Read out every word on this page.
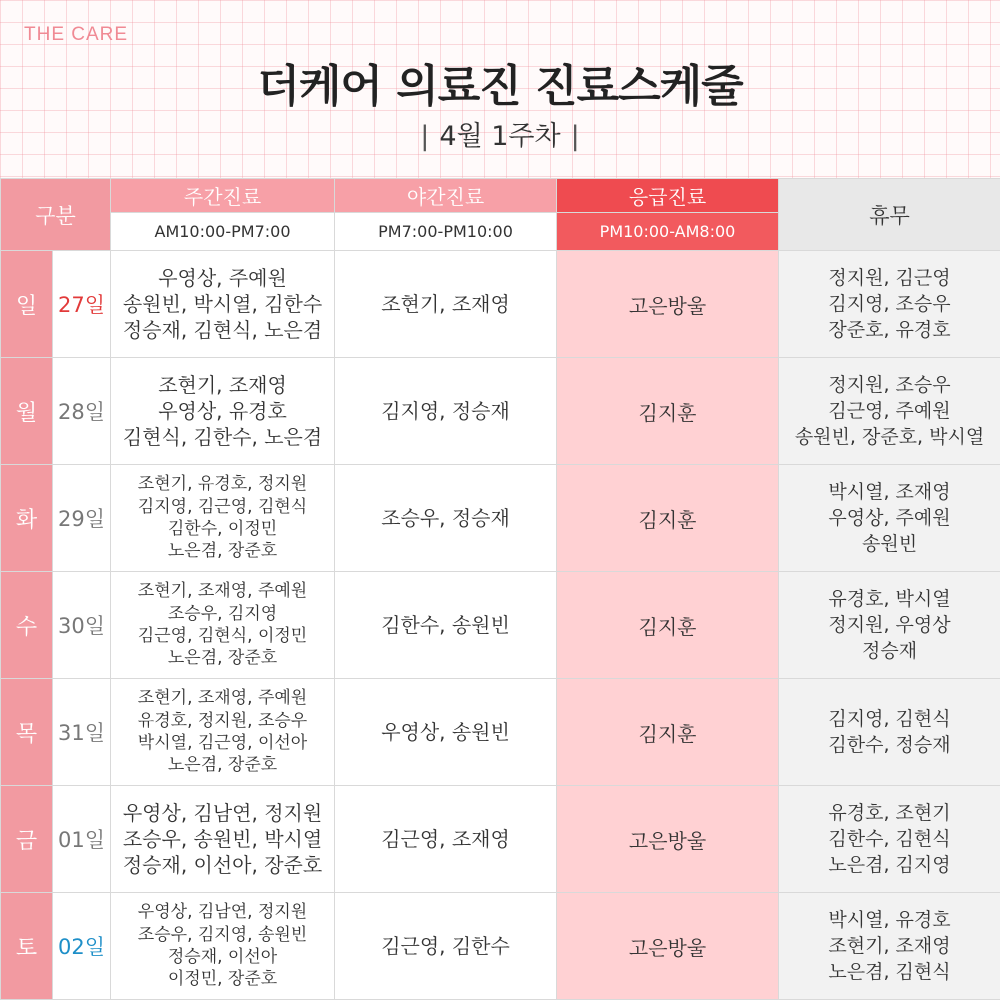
THE CARE
더케어 의료진 진료스케줄
| 4월 1주차 |
구분		주간진료	야간진료	응급진료	휴무
		AM10:00-PM7:00	PM7:00-PM10:00	PM10:00-AM8:00	
일	27일	우영상, 주예원
송원빈, 박시열, 김한수
정승재, 김현식, 노은겸	조현기, 조재영	고은방울	정지원, 김근영
김지영, 조승우
장준호, 유경호

월	28일	조현기, 조재영
우영상, 유경호
김현식, 김한수, 노은겸	김지영, 정승재	김지훈	정지원, 조승우
김근영, 주예원
송원빈, 장준호, 박시열

화	29일	조현기, 유경호, 정지원
김지영, 김근영, 김현식
김한수, 이정민
노은겸, 장준호	조승우, 정승재	김지훈	박시열, 조재영
우영상, 주예원
송원빈

수	30일	조현기, 조재영, 주예원
조승우, 김지영
김근영, 김현식, 이정민
노은겸, 장준호	김한수, 송원빈	김지훈	유경호, 박시열
정지원, 우영상
정승재

목	31일	조현기, 조재영, 주예원
유경호, 정지원, 조승우
박시열, 김근영, 이선아
노은겸, 장준호	우영상, 송원빈	김지훈	김지영, 김현식
김한수, 정승재

금	01일	우영상, 김남연, 정지원
조승우, 송원빈, 박시열
정승재, 이선아, 장준호	김근영, 조재영	고은방울	유경호, 조현기
김한수, 김현식
노은겸, 김지영

토	02일	우영상, 김남연, 정지원
조승우, 김지영, 송원빈
정승재, 이선아
이정민, 장준호	김근영, 김한수	고은방울	박시열, 유경호
조현기, 조재영
노은겸, 김현식
